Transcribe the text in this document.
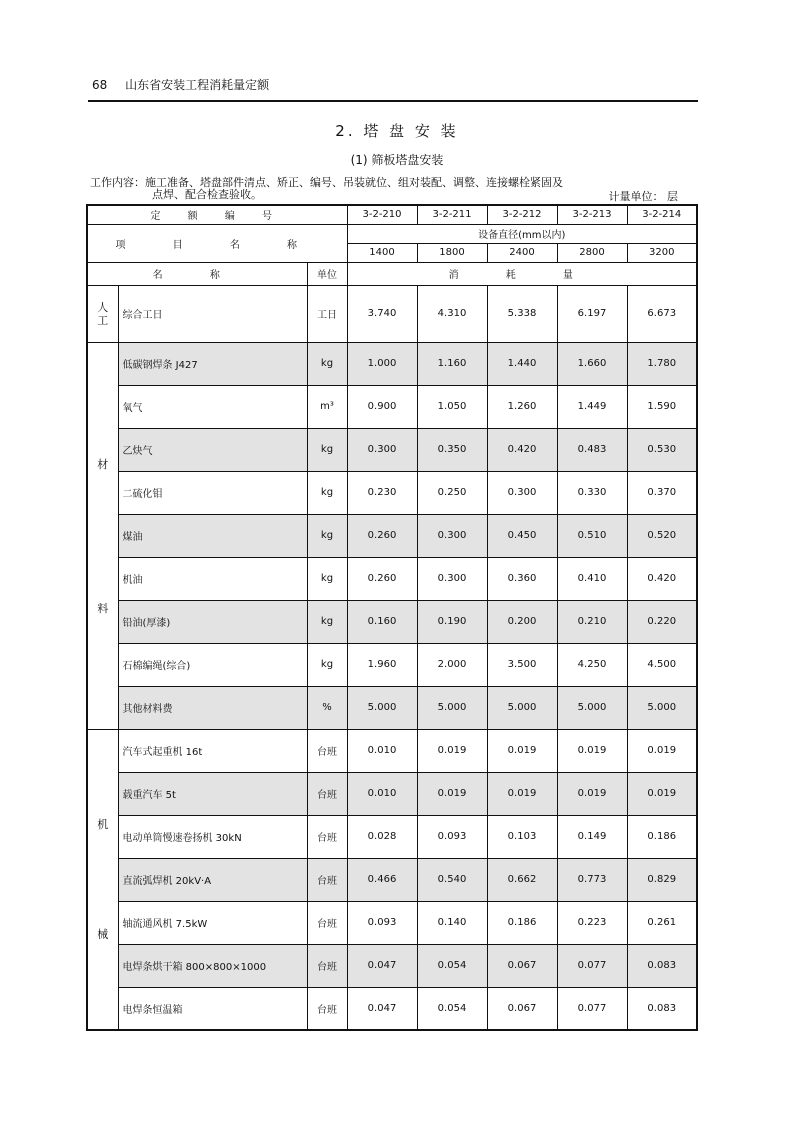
68 山东省安装工程消耗量定额
2. 塔 盘 安 装
(1) 筛板塔盘安装
工作内容：施工准备、塔盘部件清点、矫正、编号、吊装就位、组对装配、调整、连接螺栓紧固及
点焊、配合检查验收。	计量单位： 层
定 额 编 号			3-2-210	3-2-211	3-2-212	3-2-213	3-2-214
项 目 名 称			设备直径(mm以内)				
			1400	1800	2400	2800	3200
名 称		单位	消 耗 量				
人工	综合工日	工日	3.740	4.310	5.338	6.197	6.673

材
料	低碳钢焊条 J427	kg	1.000	1.160	1.440	1.660	1.780
	氧气	m³	0.900	1.050	1.260	1.449	1.590
	乙炔气	kg	0.300	0.350	0.420	0.483	0.530
	二硫化钼	kg	0.230	0.250	0.300	0.330	0.370
	煤油	kg	0.260	0.300	0.450	0.510	0.520
	机油	kg	0.260	0.300	0.360	0.410	0.420
	铅油(厚漆)	kg	0.160	0.190	0.200	0.210	0.220
	石棉编绳(综合)	kg	1.960	2.000	3.500	4.250	4.500
	其他材料费	%	5.000	5.000	5.000	5.000	5.000

机
械	汽车式起重机 16t	台班	0.010	0.019	0.019	0.019	0.019
	载重汽车 5t	台班	0.010	0.019	0.019	0.019	0.019
	电动单筒慢速卷扬机 30kN	台班	0.028	0.093	0.103	0.149	0.186
	直流弧焊机 20kV·A	台班	0.466	0.540	0.662	0.773	0.829
	轴流通风机 7.5kW	台班	0.093	0.140	0.186	0.223	0.261
	电焊条烘干箱 800×800×1000	台班	0.047	0.054	0.067	0.077	0.083
	电焊条恒温箱	台班	0.047	0.054	0.067	0.077	0.083
